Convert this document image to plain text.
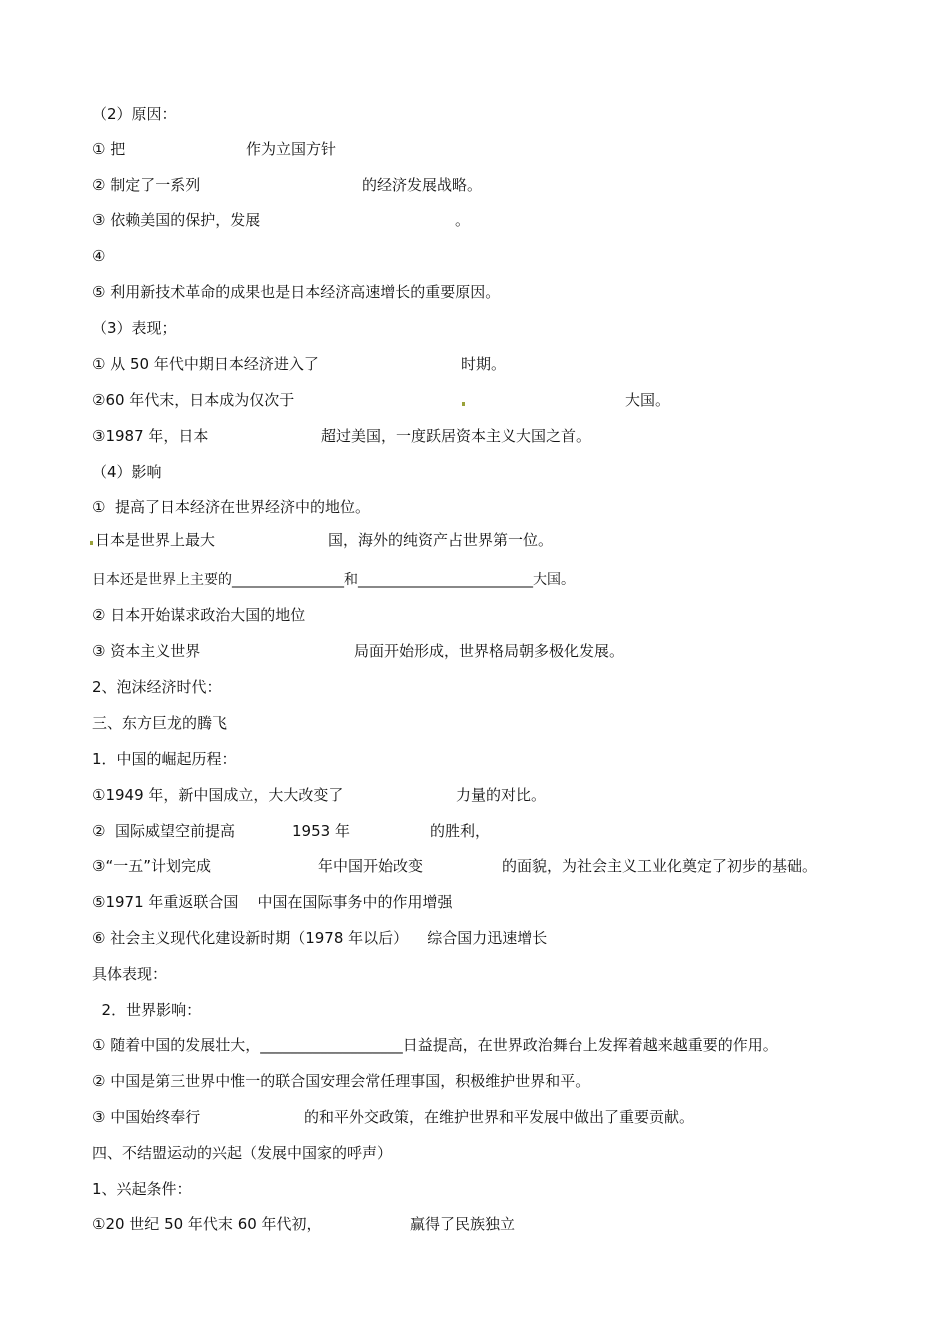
（2）原因：
① 把	作为立国方针
② 制定了一系列	的经济发展战略。
③ 依赖美国的保护，发展	。
④
⑤ 利用新技术革命的成果也是日本经济高速增长的重要原因。
（3）表现；
① 从 50 年代中期日本经济进入了	时期。
②60 年代末，日本成为仅次于	大国。
③1987 年，日本	超过美国，一度跃居资本主义大国之首。
（4）影响
①  提高了日本经济在世界经济中的地位。
日本是世界上最大	国，海外的纯资产占世界第一位。
日本还是世界上主要的________________和_________________________大国。
② 日本开始谋求政治大国的地位
③ 资本主义世界	局面开始形成，世界格局朝多极化发展。
2、泡沫经济时代：
三、东方巨龙的腾飞
1．中国的崛起历程：
①1949 年，新中国成立，大大改变了	力量的对比。
②  国际威望空前提高	1953 年	的胜利，
③“一五”计划完成	年中国开始改变	的面貌，为社会主义工业化奠定了初步的基础。
⑤1971 年重返联合国    中国在国际事务中的作用增强
⑥ 社会主义现代化建设新时期（1978 年以后）    综合国力迅速增长
具体表现：
2．世界影响：
① 随着中国的发展壮大，___________________日益提高，在世界政治舞台上发挥着越来越重要的作用。
② 中国是第三世界中惟一的联合国安理会常任理事国，积极维护世界和平。
③ 中国始终奉行	的和平外交政策，在维护世界和平发展中做出了重要贡献。
四、不结盟运动的兴起（发展中国家的呼声）
1、兴起条件：
①20 世纪 50 年代末 60 年代初，	赢得了民族独立
